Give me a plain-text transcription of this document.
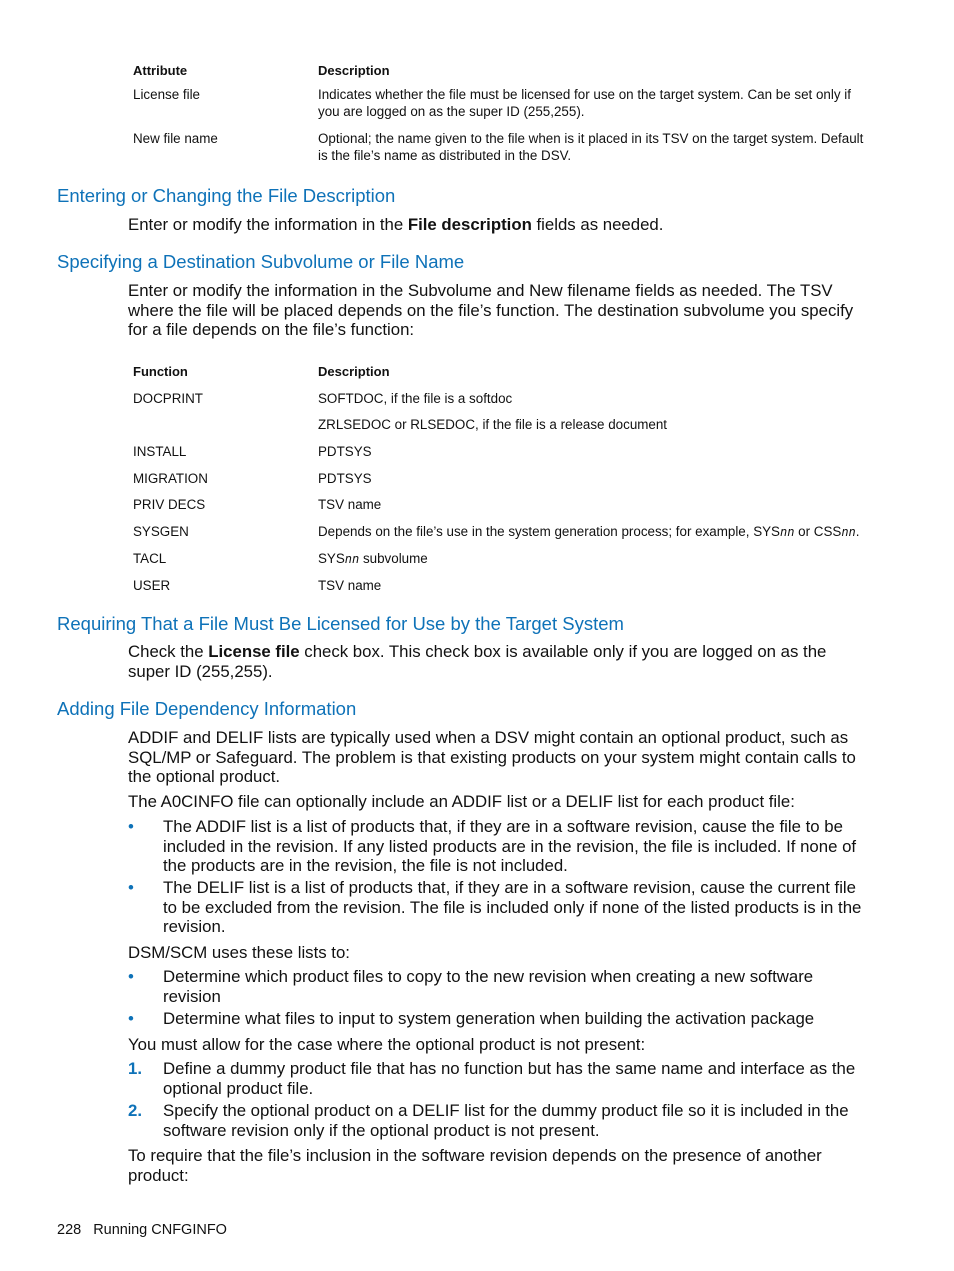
Attribute	Description
License file	Indicates whether the file must be licensed for use on the target system. Can be set only if you are logged on as the super ID (255,255).
New file name	Optional; the name given to the file when is it placed in its TSV on the target system. Default is the file’s name as distributed in the DSV.
Entering or Changing the File Description

Enter or modify the information in the File description fields as needed.

Specifying a Destination Subvolume or File Name

Enter or modify the information in the Subvolume and New filename fields as needed. The TSV where the file will be placed depends on the file’s function. The destination subvolume you specify for a file depends on the file’s function:

Function	Description
DOCPRINT	SOFTDOC, if the file is a softdoc
ZRLSEDOC or RLSEDOC, if the file is a release document
INSTALL	PDTSYS
MIGRATION	PDTSYS
PRIV DECS	TSV name
SYSGEN	Depends on the file’s use in the system generation process; for example, SYSnn or CSSnn.
TACL	SYSnn subvolume
USER	TSV name
Requiring That a File Must Be Licensed for Use by the Target System

Check the License file check box. This check box is available only if you are logged on as the super ID (255,255).

Adding File Dependency Information

ADDIF and DELIF lists are typically used when a DSV might contain an optional product, such as SQL/MP or Safeguard. The problem is that existing products on your system might contain calls to the optional product.

The A0CINFO file can optionally include an ADDIF list or a DELIF list for each product file:

• The ADDIF list is a list of products that, if they are in a software revision, cause the file to be included in the revision. If any listed products are in the revision, the file is included. If none of the products are in the revision, the file is not included.
• The DELIF list is a list of products that, if they are in a software revision, cause the current file to be excluded from the revision. The file is included only if none of the listed products is in the revision.

DSM/SCM uses these lists to:

• Determine which product files to copy to the new revision when creating a new software revision
• Determine what files to input to system generation when building the activation package

You must allow for the case where the optional product is not present:

1. Define a dummy product file that has no function but has the same name and interface as the optional product file.
2. Specify the optional product on a DELIF list for the dummy product file so it is included in the software revision only if the optional product is not present.

To require that the file’s inclusion in the software revision depends on the presence of another product:

228 Running CNFGINFO
